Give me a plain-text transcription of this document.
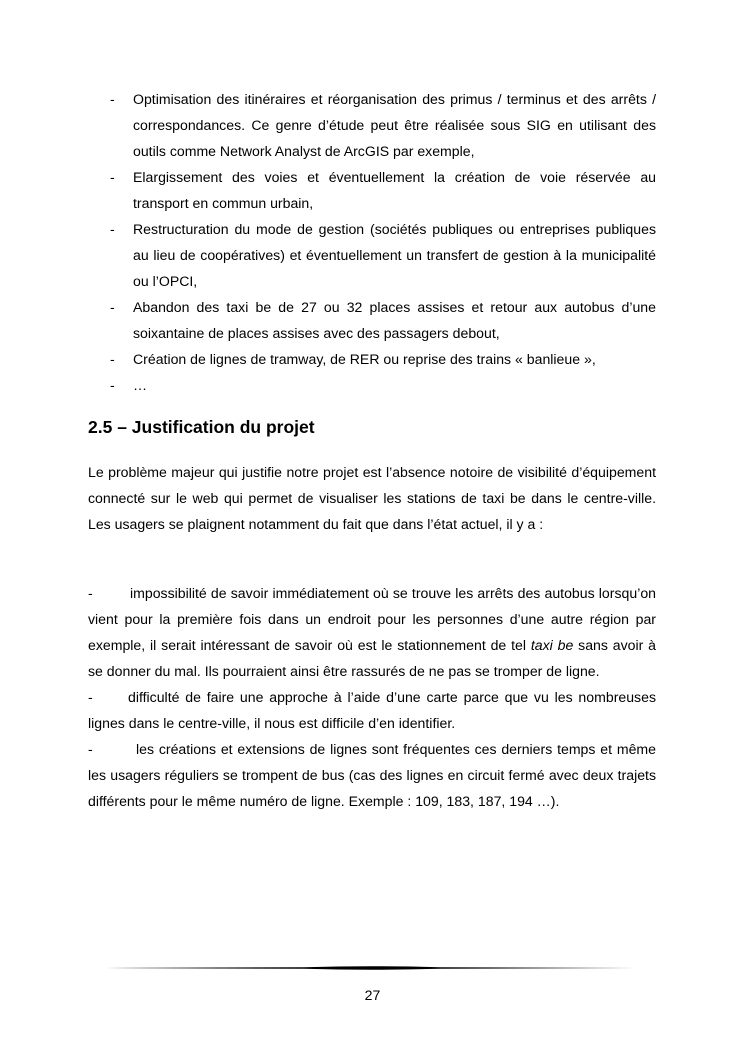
- Optimisation des itinéraires et réorganisation des primus / terminus et des arrêts / correspondances. Ce genre d’étude peut être réalisée sous SIG en utilisant des outils comme Network Analyst de ArcGIS par exemple,
- Elargissement des voies et éventuellement la création de voie réservée au transport en commun urbain,
- Restructuration du mode de gestion (sociétés publiques ou entreprises publiques au lieu de coopératives) et éventuellement un transfert de gestion à la municipalité ou l’OPCI,
- Abandon des taxi be de 27 ou 32 places assises et retour aux autobus d’une soixantaine de places assises avec des passagers debout,
- Création de lignes de tramway, de RER ou reprise des trains « banlieue »,
- …
2.5 – Justification du projet

Le problème majeur qui justifie notre projet est l’absence notoire de visibilité d’équipement connecté sur le web qui permet de visualiser les stations de taxi be dans le centre-ville. Les usagers se plaignent notamment du fait que dans l’état actuel, il y a :

-	impossibilité de savoir immédiatement où se trouve les arrêts des autobus lorsqu’on vient pour la première fois dans un endroit pour les personnes d’une autre région par exemple, il serait intéressant de savoir où est le stationnement de tel taxi be sans avoir à se donner du mal. Ils pourraient ainsi être rassurés de ne pas se tromper de ligne.

-	difficulté de faire une approche à l’aide d’une carte parce que vu les nombreuses lignes dans le centre-ville, il nous est difficile d’en identifier.

-	les créations et extensions de lignes sont fréquentes ces derniers temps et même les usagers réguliers se trompent de bus (cas des lignes en circuit fermé avec deux trajets différents pour le même numéro de ligne. Exemple : 109, 183, 187, 194 …).

27
